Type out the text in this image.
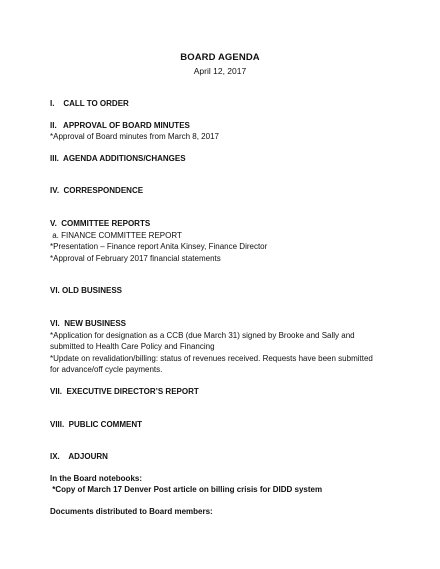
BOARD AGENDA
April 12, 2017
I.    CALL TO ORDER
II.   APPROVAL OF BOARD MINUTES
*Approval of Board minutes from March 8, 2017
III.  AGENDA ADDITIONS/CHANGES
IV.  CORRESPONDENCE
V.  COMMITTEE REPORTS
a. FINANCE COMMITTEE REPORT
*Presentation – Finance report Anita Kinsey, Finance Director
*Approval of February 2017 financial statements
VI. OLD BUSINESS
VI.  NEW BUSINESS
*Application for designation as a CCB (due March 31) signed by Brooke and Sally and
submitted to Health Care Policy and Financing
*Update on revalidation/billing: status of revenues received. Requests have been submitted
for advance/off cycle payments.
VII.  EXECUTIVE DIRECTOR’S REPORT
VIII.  PUBLIC COMMENT
IX.    ADJOURN
In the Board notebooks:
*Copy of March 17 Denver Post article on billing crisis for DIDD system
Documents distributed to Board members:
